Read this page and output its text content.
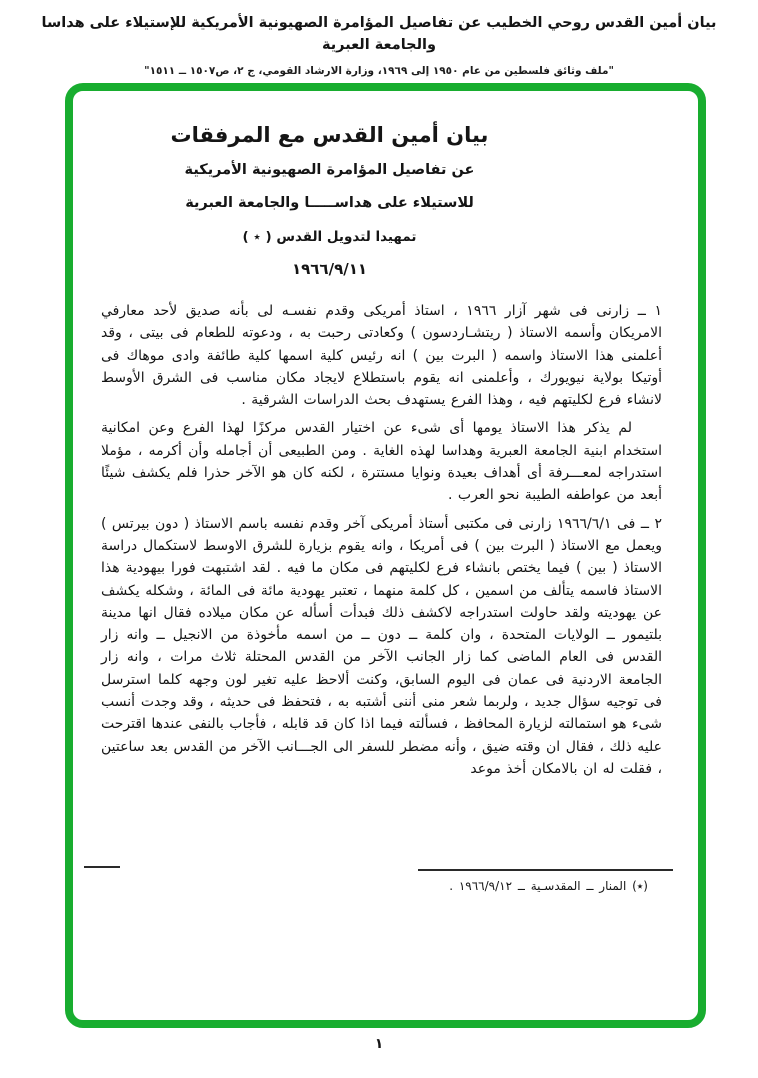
بيان أمين القدس روحي الخطيب عن تفاصيل المؤامرة الصهيونية الأمريكية للإستيلاء على هداسا والجامعة العبرية
"ملف وثائق فلسطين من عام ١٩٥٠ إلى ١٩٦٩، وزارة الارشاد القومي، ج ٢، ص١٥٠٧ ــ ١٥١١"
بيان أمين القدس مع المرفقات
عن تفاصيل المؤامرة الصهيونية الأمريكية
للاستيلاء على هداســـــا والجامعة العبرية
تمهيدا لتدويل القدس ( ٭ )
١٩٦٦/٩/١١

١ ــزارنى فى شهر آزار ١٩٦٦ ، استاذ أمريكى وقدم نفسـه لى بأنه صديق لأحد معارفي الامريكان وأسمه الاستاذ ( ريتشـاردسون ) وكعادتى رحبت به ، ودعوته للطعام فى بيتى ، وقد أعلمنى هذا الاستاذ واسمه ( البرت بين ) انه رئيس كلية اسمها كلية طائفة وادى موهاك فى أوتيكا بولاية نيويورك ، وأعلمنى انه يقوم باستطلاع لايجاد مكان مناسب فى الشرق الأوسط لانشاء فرع لكليتهم فيه ، وهذا الفرع يستهدف بحث الدراسات الشرقية .

لم يذكر هذا الاستاذ يومها أى شىء عن اختيار القدس مركزًا لهذا الفرع وعن امكانية استخدام ابنية الجامعة العبرية وهداسا لهذه الغاية . ومن الطبيعى أن أجامله وأن أكرمه ، مؤملا استدراجه لمعـــرفة أى أهداف بعيدة ونوايا مستترة ، لكنه كان هو الآخر حذرا فلم يكشف شيئًا أبعد من عواطفه الطيبة نحو العرب .

٢ ــفى ١٩٦٦/٦/١ زارنى فى مكتبى أستاذ أمريكى آخر وقدم نفسه باسم الاستاذ ( دون بيرتس ) ويعمل مع الاستاذ ( البرت بين ) فى أمريكا ، وانه يقوم بزيارة للشرق الاوسط لاستكمال دراسة الاستاذ ( بين ) فيما يختص بانشاء فرع لكليتهم فى مكان ما فيه . لقد اشتبهت فورا بيهودية هذا الاستاذ فاسمه يتألف من اسمين ، كل كلمة منهما ، تعتبر يهودية مائة فى المائة ، وشكله يكشف عن يهوديته ولقد حاولت استدراجه لاكشف ذلك فبدأت أسأله عن مكان ميلاده فقال انها مدينة بلتيمور ــ الولايات المتحدة ، وان كلمة ــ دون ــ من اسمه مأخوذة من الانجيل ــ وانه زار القدس فى العام الماضى كما زار الجانب الآخر من القدس المحتلة ثلاث مرات ، وانه زار الجامعة الاردنية فى عمان فى اليوم السابق، وكنت ألاحظ عليه تغير لون وجهه كلما استرسل فى توجيه سؤال جديد ، ولربما شعر منى أننى أشتبه به ، فتحفظ فى حديثه ، وقد وجدت أنسب شىء هو استمالته لزيارة المحافظ ، فسألته فيما اذا كان قد قابله ، فأجاب بالنفى عندها اقترحت عليه ذلك ، فقال ان وقته ضيق ، وأنه مضطر للسفر الى الجـــانب الآخر من القدس بعد ساعتين ، فقلت له ان بالامكان أخذ موعد

(٭) المنار ــ المقدسـية ــ ١٩٦٦/٩/١٢ .
١
